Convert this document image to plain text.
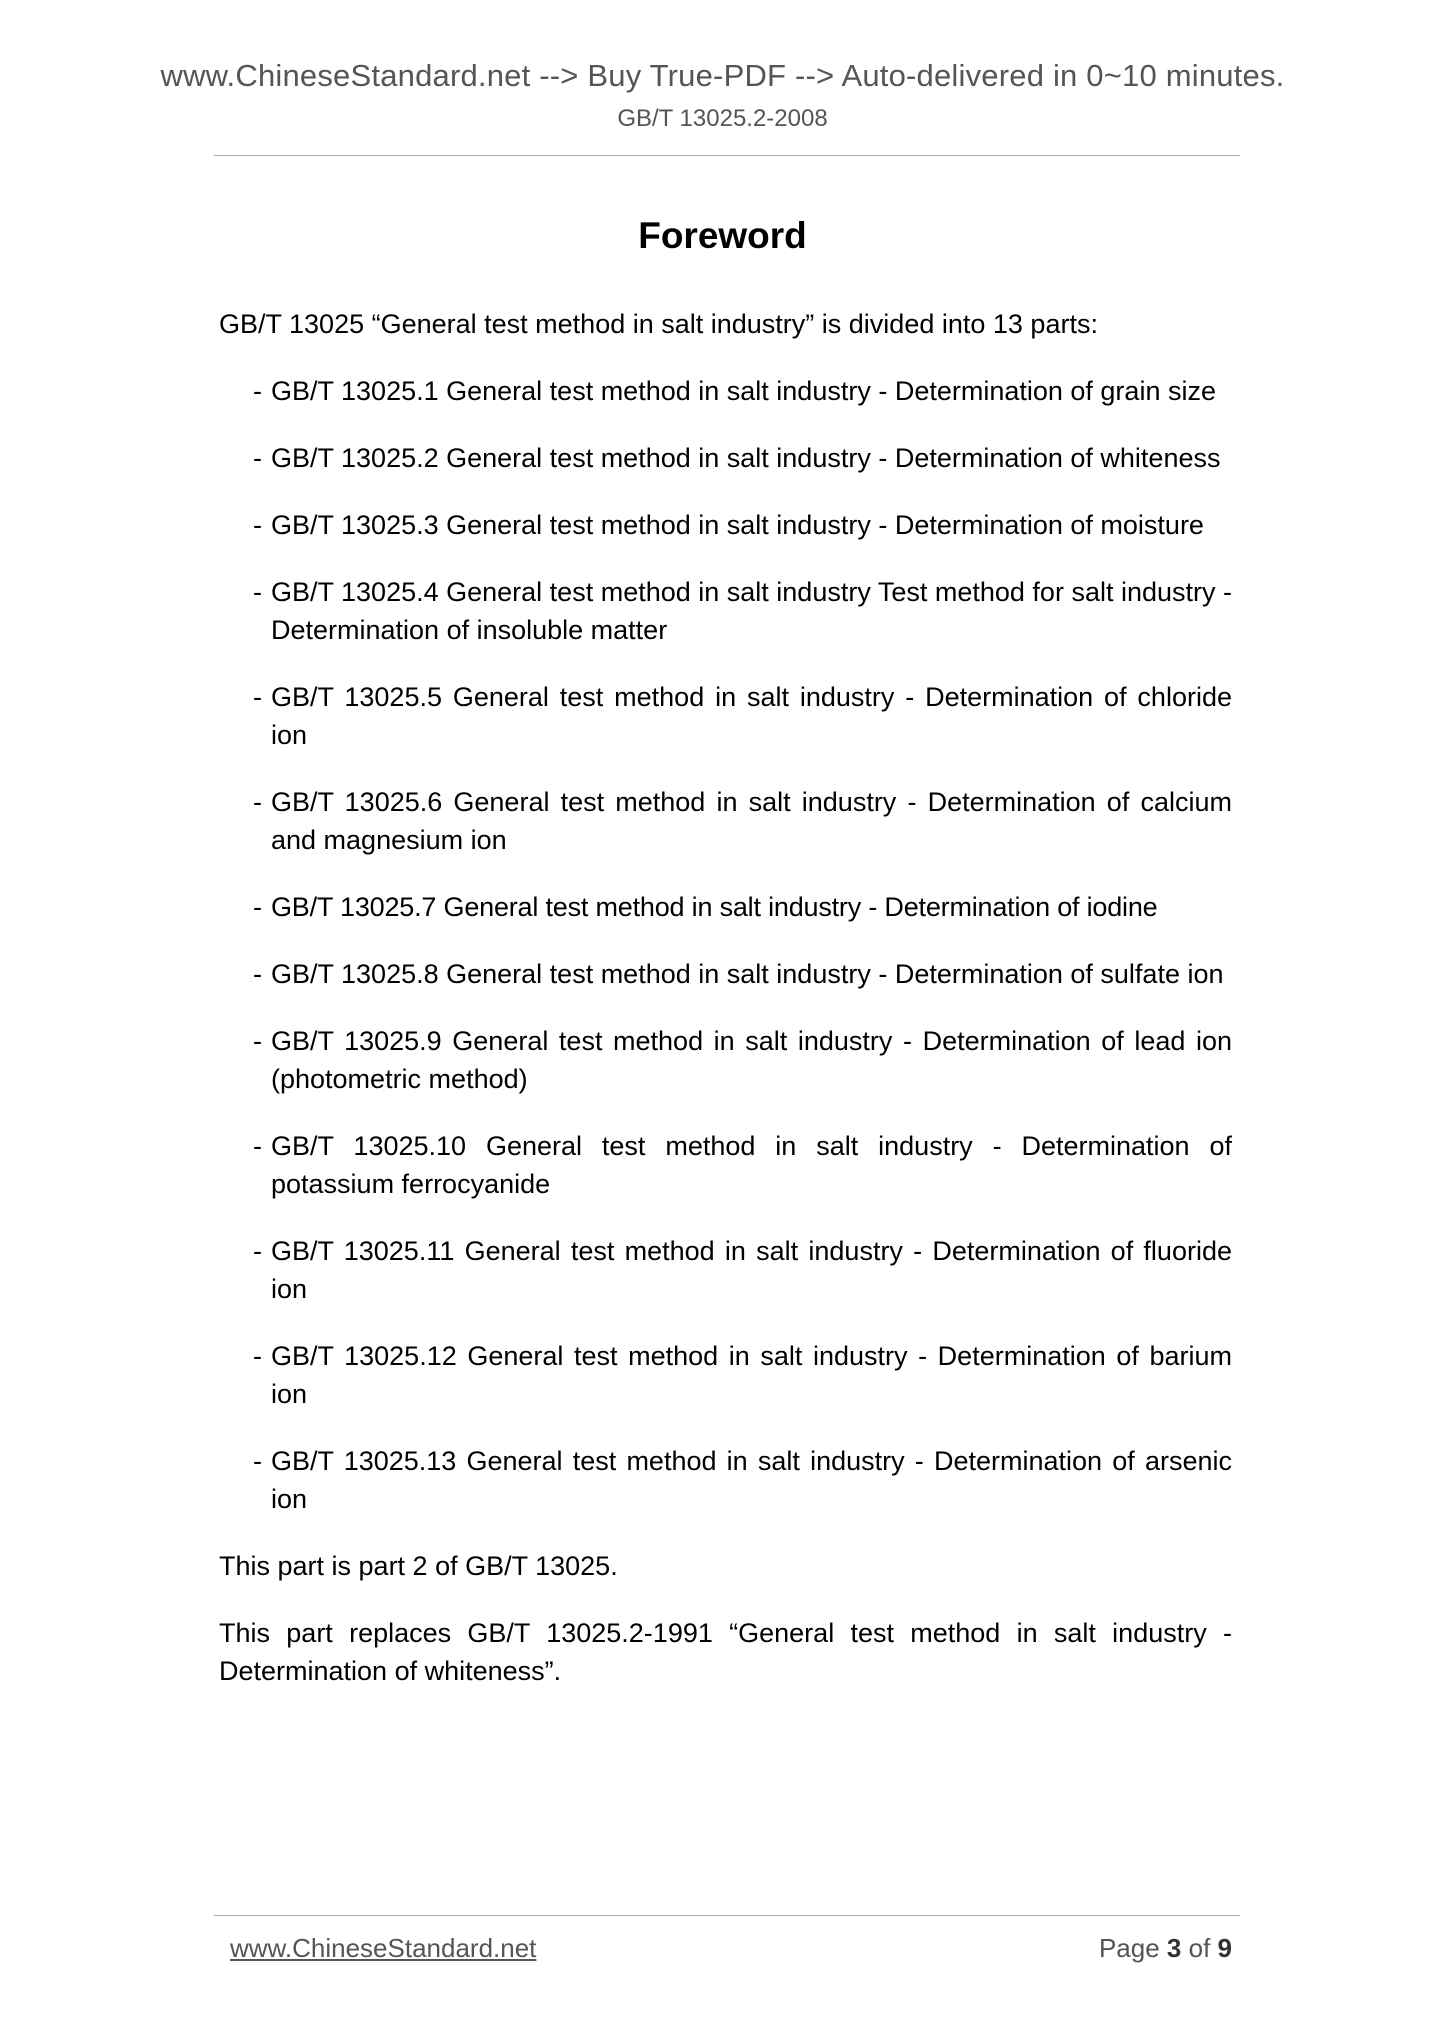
www.ChineseStandard.net --> Buy True-PDF --> Auto-delivered in 0~10 minutes.
GB/T 13025.2-2008
Foreword

GB/T 13025 “General test method in salt industry” is divided into 13 parts:

- GB/T 13025.1 General test method in salt industry - Determination of grain size
- GB/T 13025.2 General test method in salt industry - Determination of whiteness
- GB/T 13025.3 General test method in salt industry - Determination of moisture
- GB/T 13025.4 General test method in salt industry Test method for salt industry - Determination of insoluble matter
- GB/T 13025.5 General test method in salt industry - Determination of chloride ion
- GB/T 13025.6 General test method in salt industry - Determination of calcium and magnesium ion
- GB/T 13025.7 General test method in salt industry - Determination of iodine
- GB/T 13025.8 General test method in salt industry - Determination of sulfate ion
- GB/T 13025.9 General test method in salt industry - Determination of lead ion (photometric method)
- GB/T 13025.10 General test method in salt industry - Determination of potassium ferrocyanide
- GB/T 13025.11 General test method in salt industry - Determination of fluoride ion
- GB/T 13025.12 General test method in salt industry - Determination of barium ion
- GB/T 13025.13 General test method in salt industry - Determination of arsenic ion

This part is part 2 of GB/T 13025.

This part replaces GB/T 13025.2-1991 “General test method in salt industry - Determination of whiteness”.

www.ChineseStandard.net	Page 3 of 9
